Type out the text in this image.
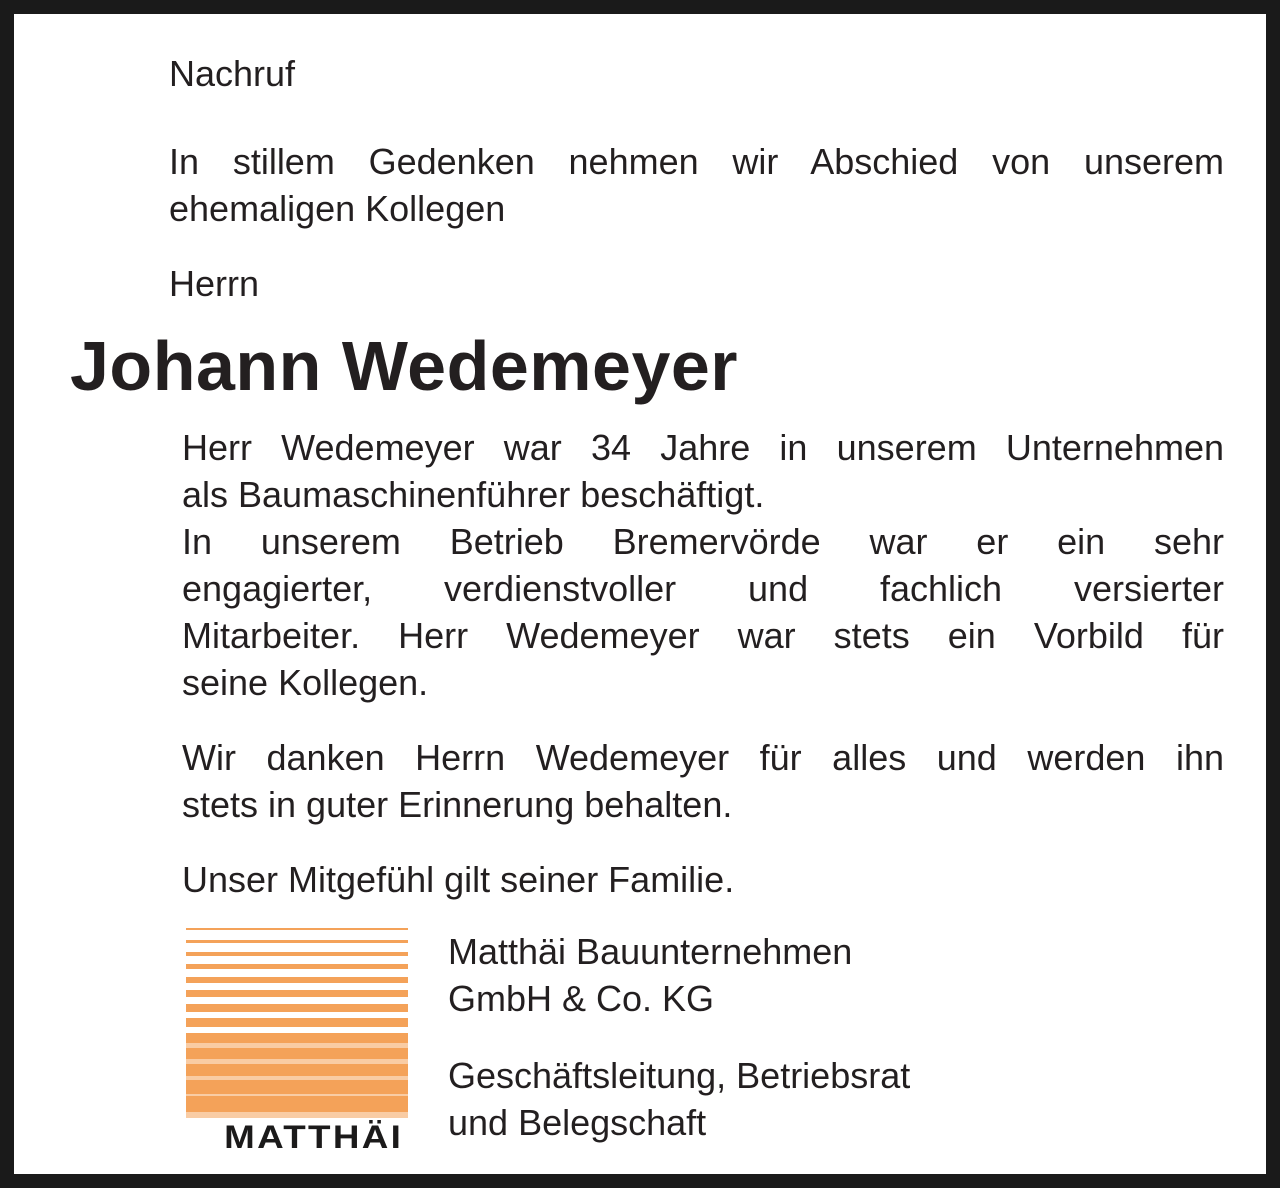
Nachruf

In stillem Gedenken nehmen wir Abschied von unserem
ehemaligen Kollegen

Herrn

Johann Wedemeyer

Herr Wedemeyer war 34 Jahre in unserem Unternehmen
als Baumaschinenführer beschäftigt.
In unserem Betrieb Bremervörde war er ein sehr
engagierter, verdienstvoller und fachlich versierter
Mitarbeiter. Herr Wedemeyer war stets ein Vorbild für
seine Kollegen.

Wir danken Herrn Wedemeyer für alles und werden ihn
stets in guter Erinnerung behalten.

Unser Mitgefühl gilt seiner Familie.

MATTHÄI

Matthäi Bauunternehmen
GmbH & Co. KG

Geschäftsleitung, Betriebsrat
und Belegschaft
